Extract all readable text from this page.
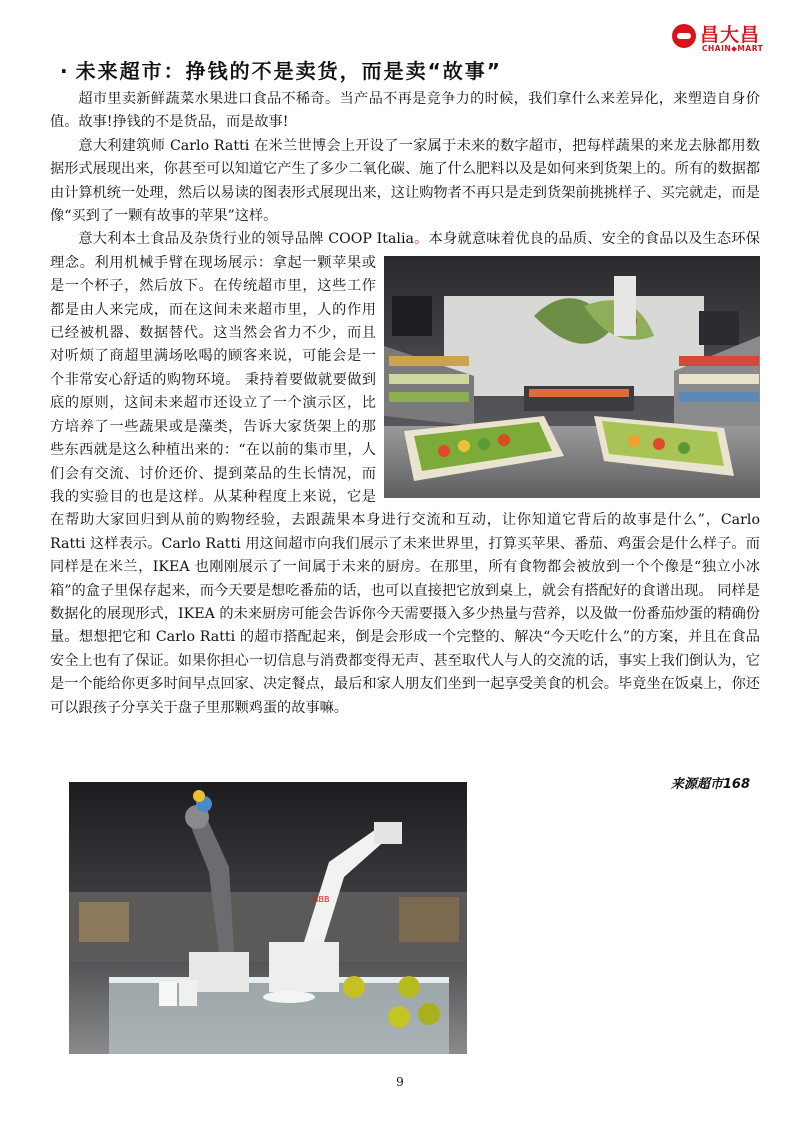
昌大昌
CHAIN◆MART
· 未来超市：挣钱的不是卖货，而是卖“故事”

超市里卖新鲜蔬菜水果进口食品不稀奇。当产品不再是竞争力的时候，我们拿什么来差异化，来塑造自身价值。故事!挣钱的不是货品，而是故事!

意大利建筑师 Carlo Ratti 在米兰世博会上开设了一家属于未来的数字超市，把每样蔬果的来龙去脉都用数据形式展现出来，你甚至可以知道它产生了多少二氧化碳、施了什么肥料以及是如何来到货架上的。所有的数据都由计算机统一处理，然后以易读的图表形式展现出来，这让购物者不再只是走到货架前挑挑样子、买完就走，而是像“买到了一颗有故事的苹果”这样。

意大利本土食品及杂货行业的领导品牌 COOP Italia。
本身就意味着优良的品质、安全的食品以及生态环保理念。利用机械手臂在现场展示：拿起一颗苹果或是一个杯子，然后放下。在传统超市里，这些工作都是由人来完成，而在这间未来超市里，人的作用已经被机器、数据替代。这当然会省力不少，而且对听烦了商超里满场吆喝的顾客来说，可能会是一个非常安心舒适的购物环境。 秉持着要做就要做到底的原则，这间未来超市还设立了一个演示区，比方培养了一些蔬果或是藻类，告诉大家货架上的那些东西就是这么种植出来的：“在以前的集市里，人们会有交流、讨价还价、提到菜品的生长情况，而我的实验目的也是这样。从某种程度上来说，它是在帮助大家回归到从前的购物经验，去跟蔬果本身进行交流和互动，让你知道它背后的故事是什么”，Carlo Ratti 这样表示。Carlo Ratti 用这间超市向我们展示了未来世界里，打算买苹果、番茄、鸡蛋会是什么样子。而同样是在米兰，IKEA 也刚刚展示了一间属于未来的厨房。在那里，所有食物都会被放到一个个像是“独立小冰箱”的盒子里保存起来，而今天要是想吃番茄的话，也可以直接把它放到桌上，就会有搭配好的食谱出现。 同样是数据化的展现形式，IKEA 的未来厨房可能会告诉你今天需要摄入多少热量与营养，以及做一份番茄炒蛋的精确份量。想想把它和 Carlo Ratti 的超市搭配起来，倒是会形成一个完整的、解决“今天吃什么”的方案，并且在食品安全上也有了保证。如果你担心一切信息与消费都变得无声、甚至取代人与人的交流的话，事实上我们倒认为，它是一个能给你更多时间早点回家、决定餐点，最后和家人朋友们坐到一起享受美食的机会。毕竟坐在饭桌上，你还可以跟孩子分享关于盘子里那颗鸡蛋的故事嘛。

来源超市168
ABB
9
